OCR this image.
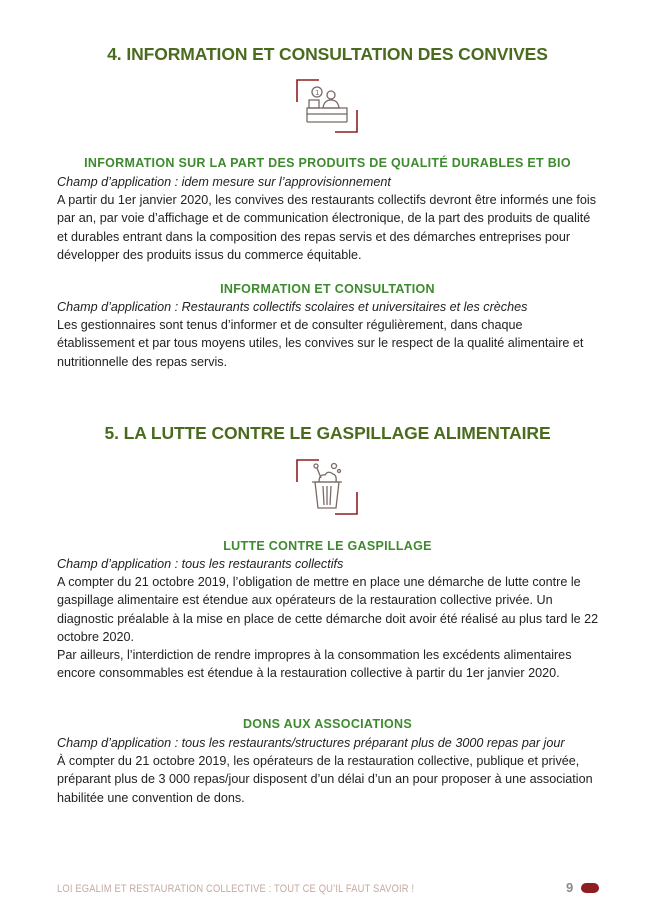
4. INFORMATION ET CONSULTATION DES CONVIVES
1
INFORMATION SUR LA PART DES PRODUITS DE QUALITÉ DURABLES ET BIO

Champ d’application : idem mesure sur l’approvisionnement

A partir du 1er janvier 2020, les convives des restaurants collectifs devront être informés une fois par an, par voie d’affichage et de communication électronique, de la part des produits de qualité et durables entrant dans la composition des repas servis et des démarches entreprises pour développer des produits issus du commerce équitable.

INFORMATION ET CONSULTATION

Champ d’application : Restaurants collectifs scolaires et universitaires et les crèches

Les gestionnaires sont tenus d’informer et de consulter régulièrement, dans chaque établissement et par tous moyens utiles, les convives sur le respect de la qualité alimentaire et nutritionnelle des repas servis.

5. LA LUTTE CONTRE LE GASPILLAGE ALIMENTAIRE
LUTTE CONTRE LE GASPILLAGE

Champ d’application : tous les restaurants collectifs

A compter du 21 octobre 2019, l’obligation de mettre en place une démarche de lutte contre le gaspillage alimentaire est étendue aux opérateurs de la restauration collective privée. Un diagnostic préalable à la mise en place de cette démarche doit avoir été réalisé au plus tard le 22 octobre 2020.

Par ailleurs, l’interdiction de rendre impropres à la consommation les excédents alimentaires encore consommables est étendue à la restauration collective à partir du 1er janvier 2020.

DONS AUX ASSOCIATIONS

Champ d’application : tous les restaurants/structures préparant plus de 3000 repas par jour

À compter du 21 octobre 2019, les opérateurs de la restauration collective, publique et privée, préparant plus de 3 000 repas/jour disposent d’un délai d’un an pour proposer à une association habilitée une convention de dons.

LOI EGALIM ET RESTAURATION COLLECTIVE : TOUT CE QU’IL FAUT SAVOIR !	9
